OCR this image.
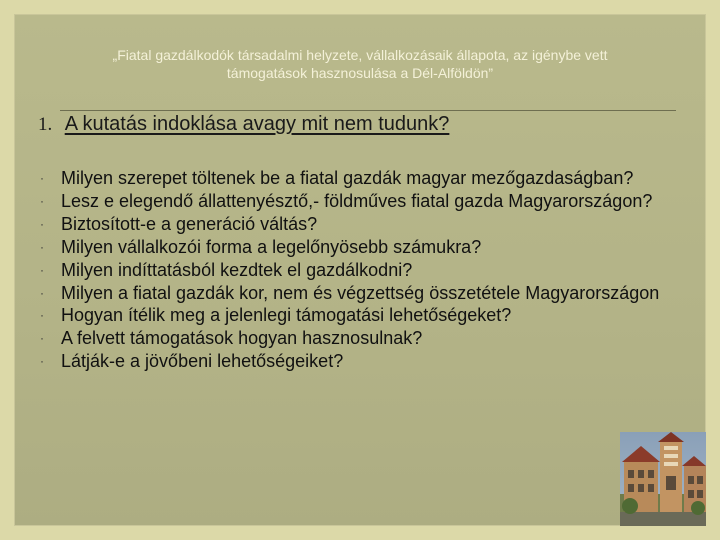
„Fiatal gazdálkodók társadalmi helyzete, vállalkozásaik állapota, az igénybe vett
támogatások hasznosulása a Dél-Alföldön”
1. A kutatás indoklása avagy mit nem tudunk?
· Milyen szerepet töltenek be a fiatal gazdák magyar mezőgazdaságban?
· Lesz e elegendő állattenyésztő,- földműves fiatal gazda Magyarországon?
· Biztosított-e a generáció váltás?
· Milyen vállalkozói forma a legelőnyösebb számukra?
· Milyen indíttatásból kezdtek el gazdálkodni?
· Milyen a fiatal gazdák kor, nem és végzettség összetétele Magyarországon
· Hogyan ítélik meg a jelenlegi támogatási lehetőségeket?
· A felvett támogatások hogyan hasznosulnak?
· Látják-e a jövőbeni lehetőségeiket?
